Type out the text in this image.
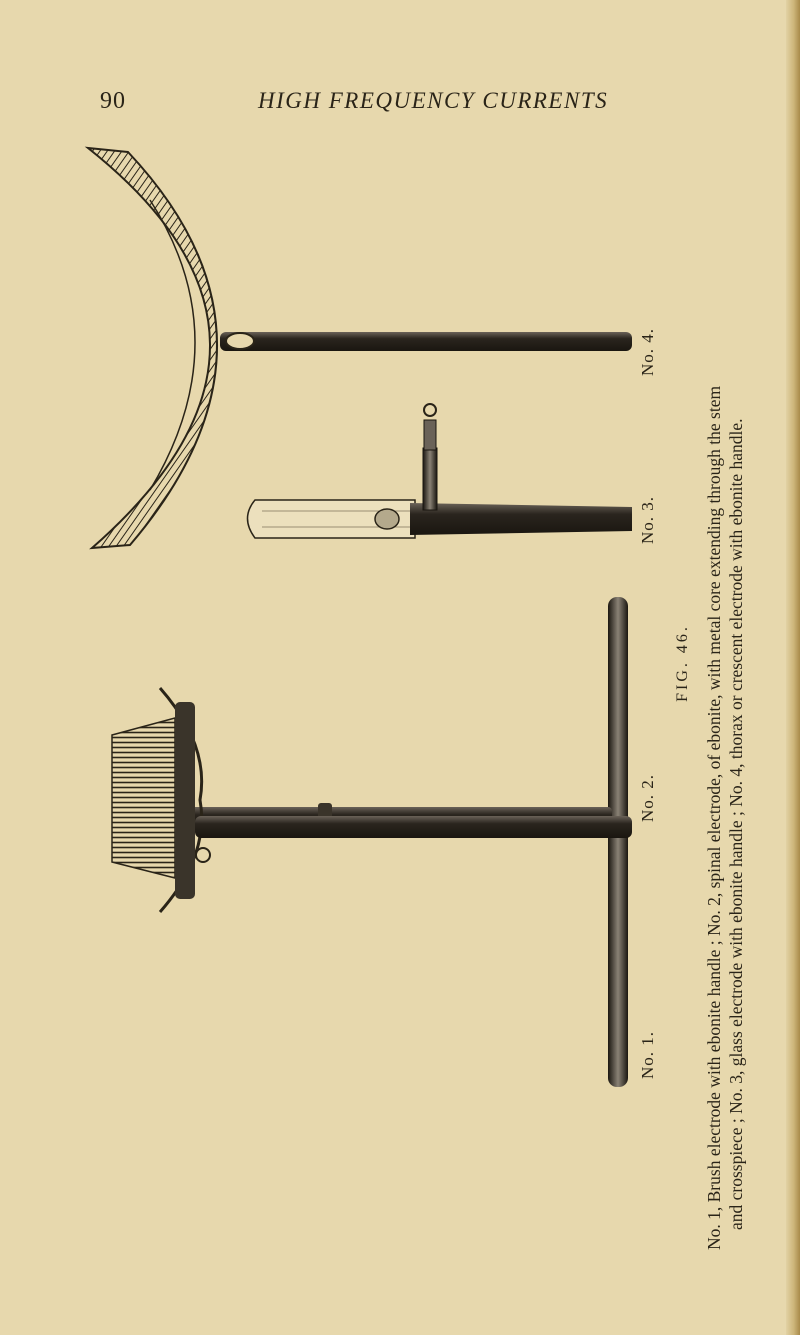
90	HIGH FREQUENCY CURRENTS
No. 4.
No. 3.
No. 2.
No. 1.
FIG. 46. No. 1, Brush electrode with ebonite handle ; No. 2, spinal electrode, of ebonite, with metal core extending through the stem and crosspiece ; No. 3, glass electrode with ebonite handle ; No. 4, thorax or crescent electrode with ebonite handle.
